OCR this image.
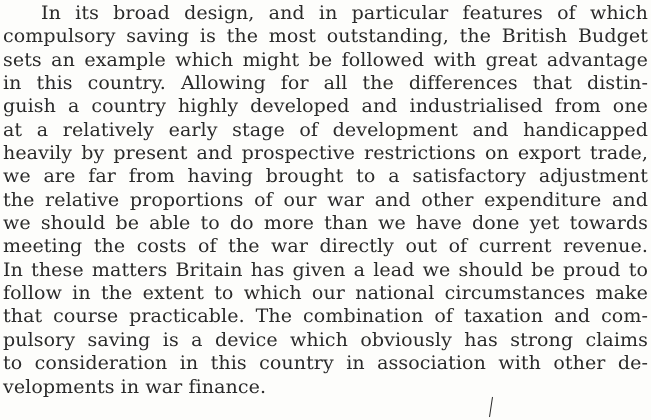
In its broad design, and in particular features of which
compulsory saving is the most outstanding, the British Budget
sets an example which might be followed with great advantage
in this country. Allowing for all the differences that distin-
guish a country highly developed and industrialised from one
at a relatively early stage of development and handicapped
heavily by present and prospective restrictions on export trade,
we are far from having brought to a satisfactory adjustment
the relative proportions of our war and other expenditure and
we should be able to do more than we have done yet towards
meeting the costs of the war directly out of current revenue.
In these matters Britain has given a lead we should be proud to
follow in the extent to which our national circumstances make
that course practicable. The combination of taxation and com-
pulsory saving is a device which obviously has strong claims
to consideration in this country in association with other de-
velopments in war finance.
